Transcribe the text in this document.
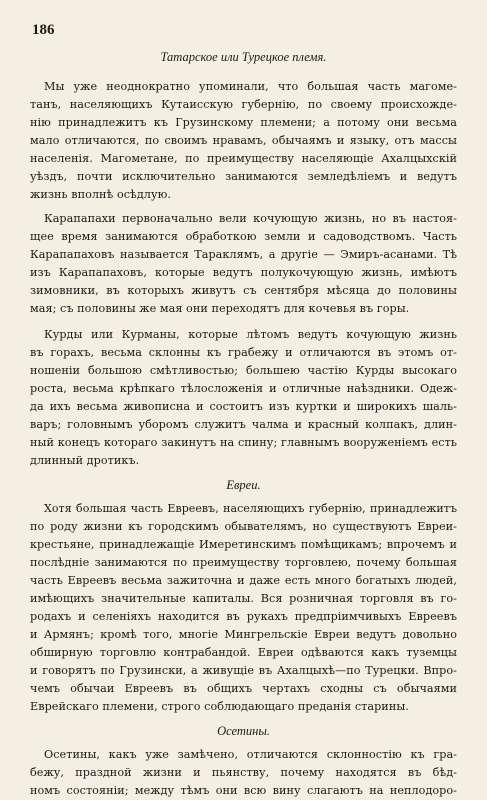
186
Татарское или Турецкое племя.
Мы уже неоднократно упоминали, что большая часть магоме-
танъ, населяющихъ Кутаисскую губернію, по своему происхожде-
нію принадлежитъ къ Грузинскому племени; а потому они весьма
мало отличаются, по своимъ нравамъ, обычаямъ и языку, отъ массы
населенія. Магометане, по преимуществу населяющіе Ахалцыхскій
уѣздъ, почти исключительно занимаются земледѣліемъ и ведутъ
жизнь вполнѣ осѣдлую.
Карапапахи первоначально вели кочующую жизнь, но въ настоя-
щее время занимаются обработкою земли и садоводствомъ. Часть
Карапапаховъ называется Тараклямъ, а другіе — Эмиръ-асанами. Тѣ
изъ Карапапаховъ, которые ведутъ полукочующую жизнь, имѣютъ
зимовники, въ которыхъ живутъ съ сентября мѣсяца до половины
мая; съ половины же мая они переходятъ для кочевья въ горы.
Курды или Курманы, которые лѣтомъ ведутъ кочующую жизнь
въ горахъ, весьма склонны къ грабежу и отличаются въ этомъ от-
ношеніи большою смѣтливостью; большею частію Курды высокаго
роста, весьма крѣпкаго тѣлосложенія и отличные наѣздники. Одеж-
да ихъ весьма живописна и состоитъ изъ куртки и широкихъ шаль-
варъ; головнымъ уборомъ служитъ чалма и красный колпакъ, длин-
ный конецъ котораго закинутъ на спину; главнымъ вооруженіемъ есть
длинный дротикъ.
Евреи.
Хотя большая часть Евреевъ, населяющихъ губернію, принадлежитъ
по роду жизни къ городскимъ обывателямъ, но существуютъ Евреи-
крестьяне, принадлежащіе Имеретинскимъ помѣщикамъ; впрочемъ и
послѣдніе занимаются по преимуществу торговлею, почему большая
часть Евреевъ весьма зажиточна и даже есть много богатыхъ людей,
имѣющихъ значительные капиталы. Вся розничная торговля въ го-
родахъ и селеніяхъ находится въ рукахъ предпріимчивыхъ Евреевъ
и Армянъ; кромѣ того, многіе Мингрельскіе Евреи ведутъ довольно
обширную торговлю контрабандой. Евреи одѣваются какъ туземцы
и говорятъ по Грузински, а живущіе въ Ахалцыхѣ—по Турецки. Впро-
чемъ обычаи Евреевъ въ общихъ чертахъ сходны съ обычаями
Еврейскаго племени, строго соблюдающаго преданія старины.
Осетины.
Осетины, какъ уже замѣчено, отличаются склонностію къ гра-
бежу, праздной жизни и пьянству, почему находятся въ бѣд-
номъ состояніи; между тѣмъ они всю вину слагаютъ на неплодоро-
